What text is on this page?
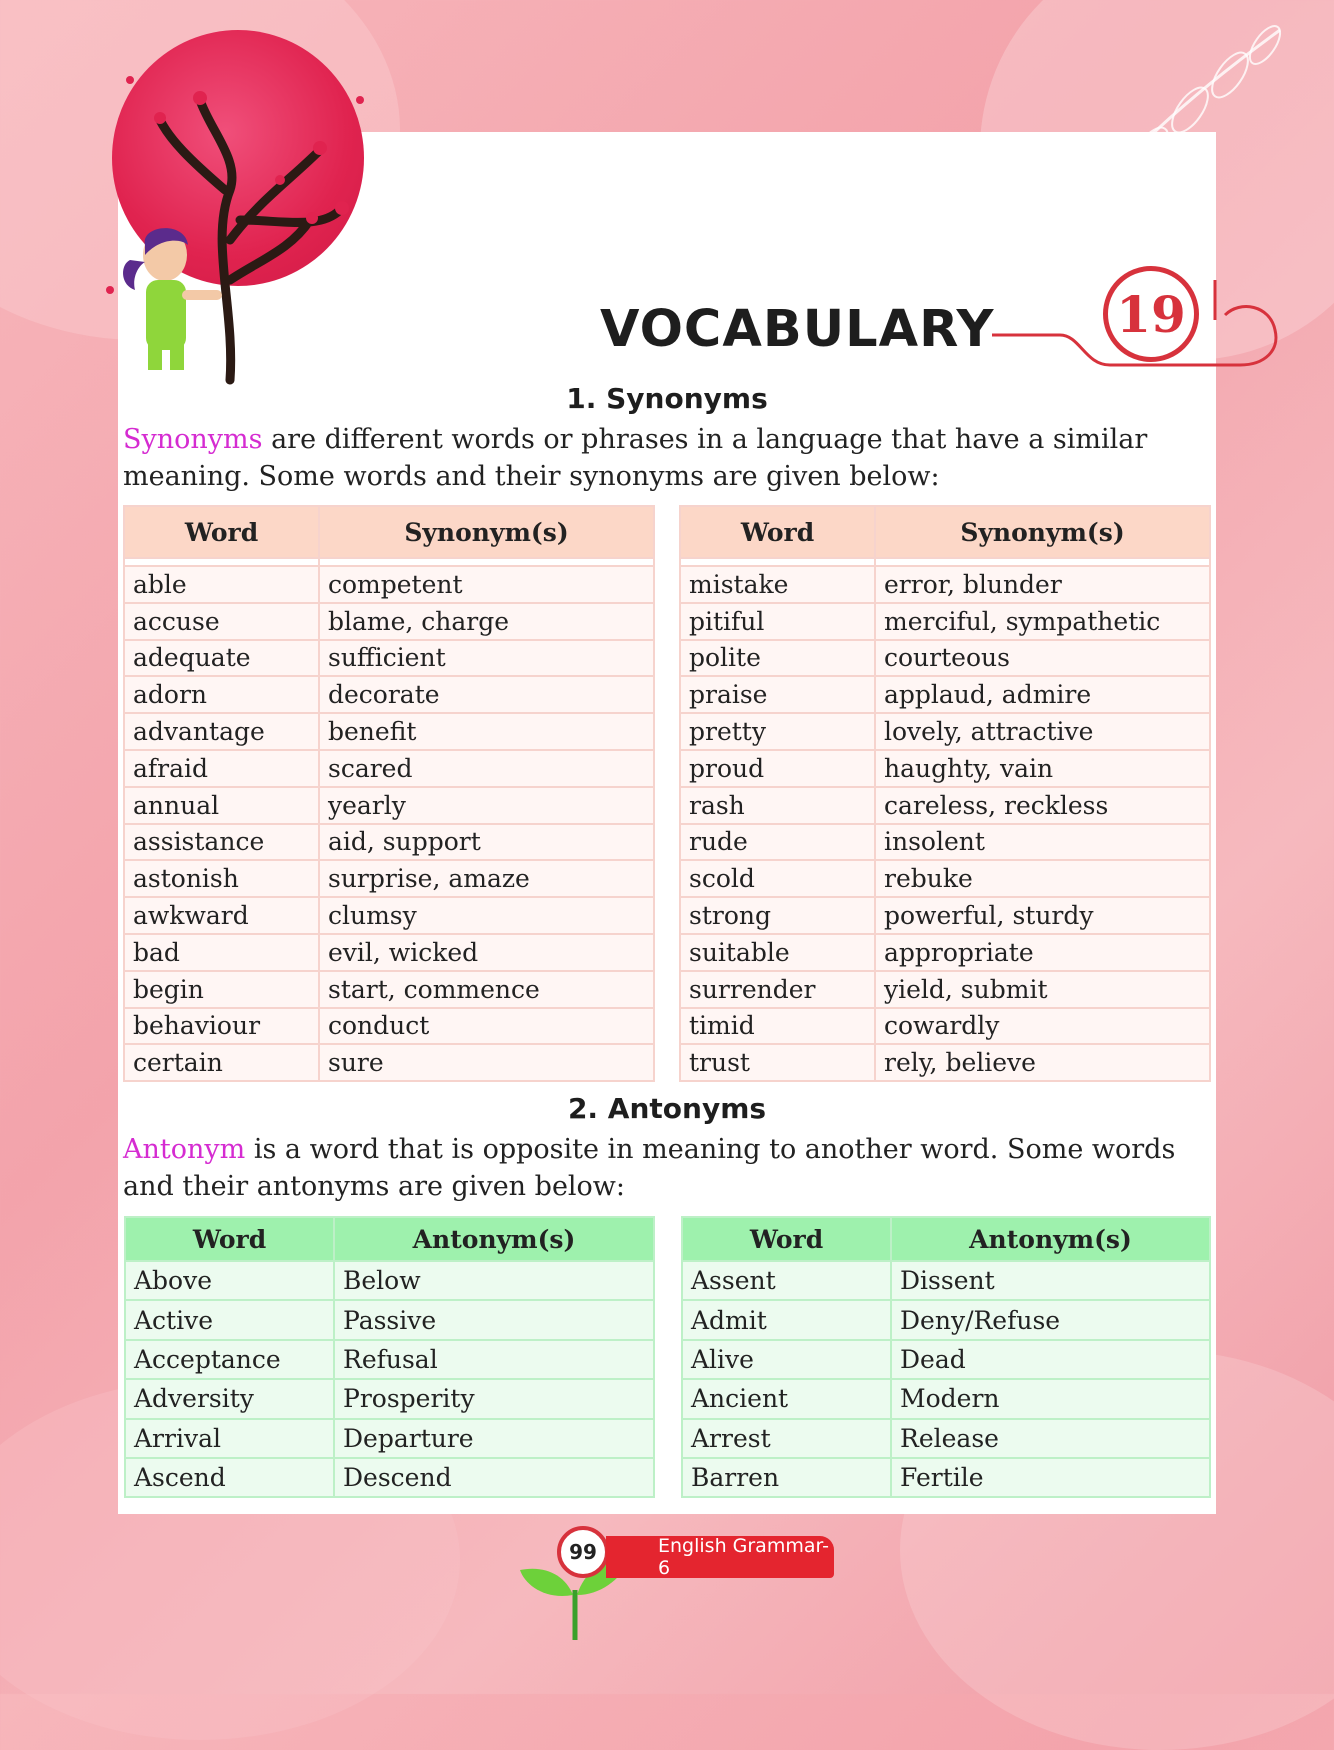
VOCABULARY 19
1. Synonyms

Synonyms are different words or phrases in a language that have a similar meaning. Some words and their synonyms are given below:

Word	Synonym(s)

able	competent
accuse	blame, charge
adequate	sufficient
adorn	decorate
advantage	benefit
afraid	scared
annual	yearly
assistance	aid, support
astonish	surprise, amaze
awkward	clumsy
bad	evil, wicked
begin	start, commence
behaviour	conduct
certain	sure
Word	Synonym(s)

mistake	error, blunder
pitiful	merciful, sympathetic
polite	courteous
praise	applaud, admire
pretty	lovely, attractive
proud	haughty, vain
rash	careless, reckless
rude	insolent
scold	rebuke
strong	powerful, sturdy
suitable	appropriate
surrender	yield, submit
timid	cowardly
trust	rely, believe
2. Antonyms

Antonym is a word that is opposite in meaning to another word. Some words and their antonyms are given below:

Word	Antonym(s)
Above	Below
Active	Passive
Acceptance	Refusal
Adversity	Prosperity
Arrival	Departure
Ascend	Descend
Word	Antonym(s)
Assent	Dissent
Admit	Deny/Refuse
Alive	Dead
Ancient	Modern
Arrest	Release
Barren	Fertile
99	English Grammar-6
